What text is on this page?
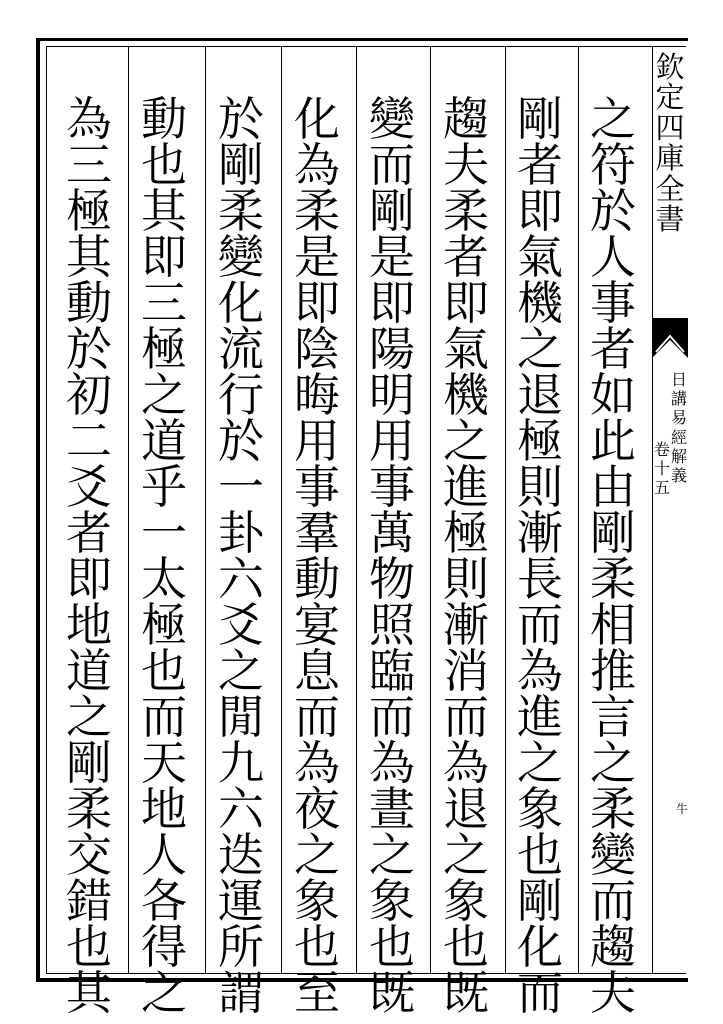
欽
定
四
庫
全
書
日
講
易
經
解
義
卷
十
五
牛
之
符
於
人
事
者
如
此
由
剛
柔
相
推
言
之
柔
變
而
趨
夫
剛
者
即
氣
機
之
退
極
則
漸
長
而
為
進
之
象
也
剛
化
而
趨
夫
柔
者
即
氣
機
之
進
極
則
漸
消
而
為
退
之
象
也
既
變
而
剛
是
即
陽
明
用
事
萬
物
照
臨
而
為
晝
之
象
也
既
化
為
柔
是
即
陰
晦
用
事
羣
動
宴
息
而
為
夜
之
象
也
至
於
剛
柔
變
化
流
行
於
一
卦
六
爻
之
閒
九
六
迭
運
所
謂
動
也
其
即
三
極
之
道
乎
一
太
極
也
而
天
地
人
各
得
之
為
三
極
其
動
於
初
二
爻
者
即
地
道
之
剛
柔
交
錯
也
其
